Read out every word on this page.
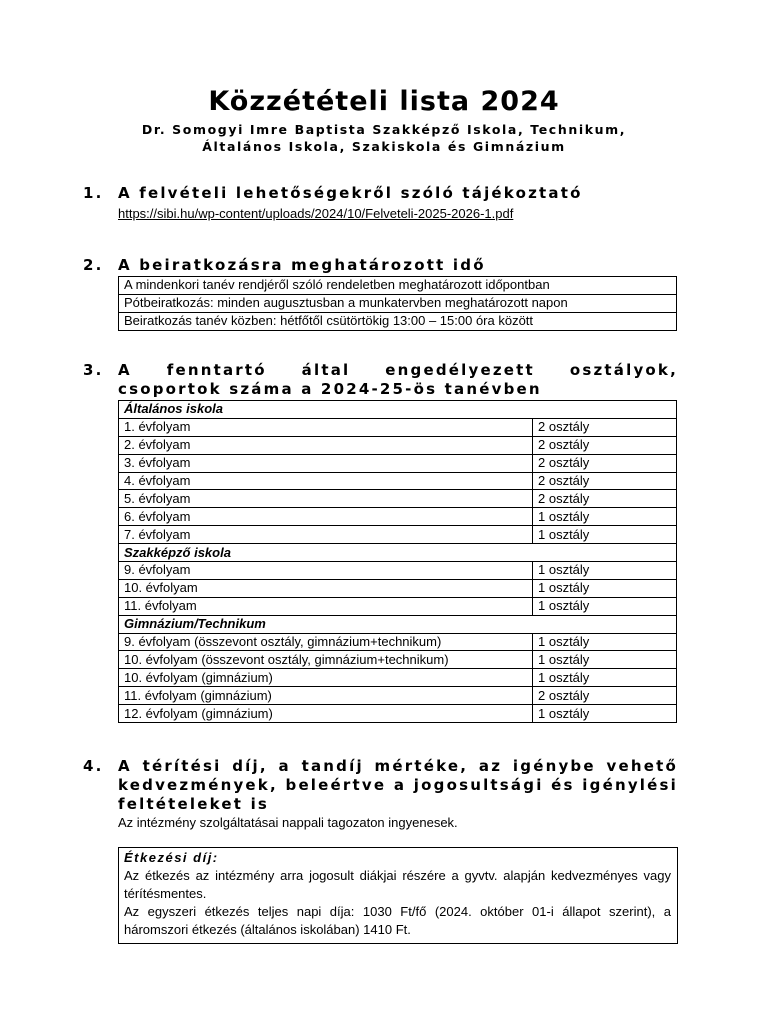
Közzétételi lista 2024
Dr. Somogyi Imre Baptista Szakképző Iskola, Technikum,
Általános Iskola, Szakiskola és Gimnázium
1. A felvételi lehetőségekről szóló tájékoztató
https://sibi.hu/wp-content/uploads/2024/10/Felveteli-2025-2026-1.pdf
2. A beiratkozásra meghatározott idő
A mindenkori tanév rendjéről szóló rendeletben meghatározott időpontban
Pótbeiratkozás: minden augusztusban a munkatervben meghatározott napon
Beiratkozás tanév közben: hétfőtől csütörtökig 13:00 – 15:00 óra között
3. A fenntartó által engedélyezett osztályok, csoportok száma a 2024-25-ös tanévben
Általános iskola	
1. évfolyam	2 osztály
2. évfolyam	2 osztály
3. évfolyam	2 osztály
4. évfolyam	2 osztály
5. évfolyam	2 osztály
6. évfolyam	1 osztály
7. évfolyam	1 osztály
Szakképző iskola	
9. évfolyam	1 osztály
10. évfolyam	1 osztály
11. évfolyam	1 osztály
Gimnázium/Technikum	
9. évfolyam (összevont osztály, gimnázium+technikum)	1 osztály
10. évfolyam (összevont osztály, gimnázium+technikum)	1 osztály
10. évfolyam (gimnázium)	1 osztály
11. évfolyam (gimnázium)	2 osztály
12. évfolyam (gimnázium)	1 osztály
4. A térítési díj, a tandíj mértéke, az igénybe vehető kedvezmények, beleértve a jogosultsági és igénylési feltételeket is
Az intézmény szolgáltatásai nappali tagozaton ingyenesek.
Étkezési díj:
Az étkezés az intézmény arra jogosult diákjai részére a gyvtv. alapján kedvezményes vagy térítésmentes.
Az egyszeri étkezés teljes napi díja: 1030 Ft/fő (2024. október 01-i állapot szerint), a háromszori étkezés (általános iskolában) 1410 Ft.
